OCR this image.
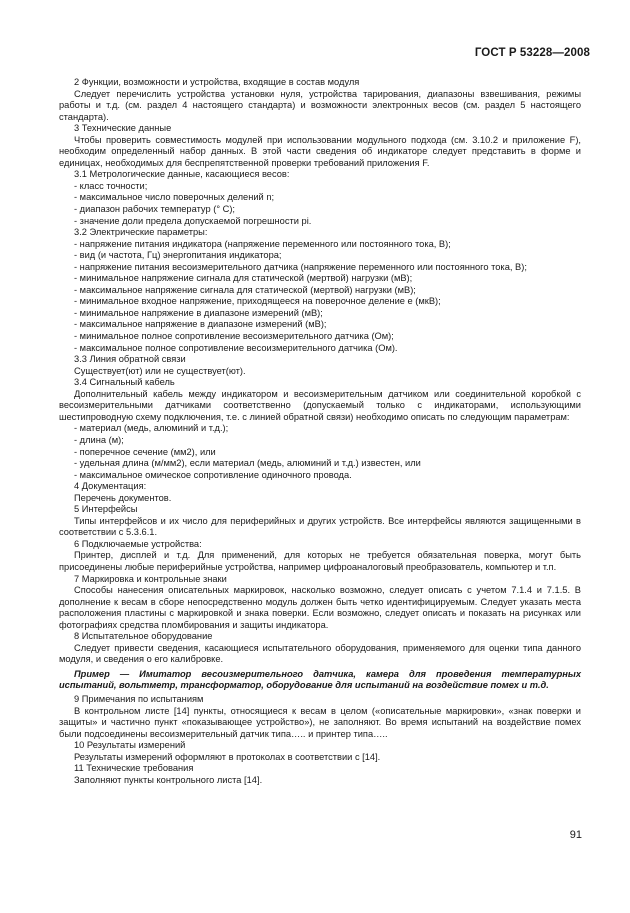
ГОСТ Р 53228—2008

2 Функции, возможности и устройства, входящие в состав модуля

Следует перечислить устройства установки нуля, устройства тарирования, диапазоны взвешивания, режимы работы и т.д. (см. раздел 4 настоящего стандарта) и возможности электронных весов (см. раздел 5 настоящего стандарта).

3 Технические данные

Чтобы проверить совместимость модулей при использовании модульного подхода (см. 3.10.2 и приложение F), необходим определенный набор данных. В этой части сведения об индикаторе следует представить в форме и единицах, необходимых для беспрепятственной проверки требований приложения F.

3.1 Метрологические данные, касающиеся весов:

- класс точности;

- максимальное число поверочных делений n;

- диапазон рабочих температур (° С);

- значение доли предела допускаемой погрешности pi.

3.2 Электрические параметры:

- напряжение питания индикатора (напряжение переменного или постоянного тока, В);

- вид (и частота, Гц) энергопитания индикатора;

- напряжение питания весоизмерительного датчика (напряжение переменного или постоянного тока, В);

- минимальное напряжение сигнала для статической (мертвой) нагрузки (мВ);

- максимальное напряжение сигнала для статической (мертвой) нагрузки (мВ);

- минимальное входное напряжение, приходящееся на поверочное деление e (мкВ);

- минимальное напряжение в диапазоне измерений (мВ);

- максимальное напряжение в диапазоне измерений (мВ);

- минимальное полное сопротивление весоизмерительного датчика (Ом);

- максимальное полное сопротивление весоизмерительного датчика (Ом).

3.3 Линия обратной связи

Существует(ют) или не существует(ют).

3.4 Сигнальный кабель

Дополнительный кабель между индикатором и весоизмерительным датчиком или соединительной коробкой с весоизмерительными датчиками соответственно (допускаемый только с индикаторами, использующими шестипроводную схему подключения, т.е. с линией обратной связи) необходимо описать по следующим параметрам:

- материал (медь, алюминий и т.д.);

- длина (м);

- поперечное сечение (мм2), или

- удельная длина (м/мм2), если материал (медь, алюминий и т.д.) известен, или

- максимальное омическое сопротивление одиночного провода.

4 Документация:

Перечень документов.

5 Интерфейсы

Типы интерфейсов и их число для периферийных и других устройств. Все интерфейсы являются защищенными в соответствии с 5.3.6.1.

6 Подключаемые устройства:

Принтер, дисплей и т.д. Для применений, для которых не требуется обязательная поверка, могут быть присоединены любые периферийные устройства, например цифроаналоговый преобразователь, компьютер и т.п.

7 Маркировка и контрольные знаки

Способы нанесения описательных маркировок, насколько возможно, следует описать с учетом 7.1.4 и 7.1.5. В дополнение к весам в сборе непосредственно модуль должен быть четко идентифицируемым. Следует указать места расположения пластины с маркировкой и знака поверки. Если возможно, следует описать и показать на рисунках или фотографиях средства пломбирования и защиты индикатора.

8 Испытательное оборудование

Следует привести сведения, касающиеся испытательного оборудования, применяемого для оценки типа данного модуля, и сведения о его калибровке.

Пример — Имитатор весоизмерительного датчика, камера для проведения температурных испытаний, вольтметр, трансформатор, оборудование для испытаний на воздействие помех и т.д.

9 Примечания по испытаниям

В контрольном листе [14] пункты, относящиеся к весам в целом («описательные маркировки», «знак поверки и защиты» и частично пункт «показывающее устройство»), не заполняют. Во время испытаний на воздействие помех были подсоединены весоизмерительный датчик типа….. и принтер типа…..

10 Результаты измерений

Результаты измерений оформляют в протоколах в соответствии с [14].

11 Технические требования

Заполняют пункты контрольного листа [14].

91
